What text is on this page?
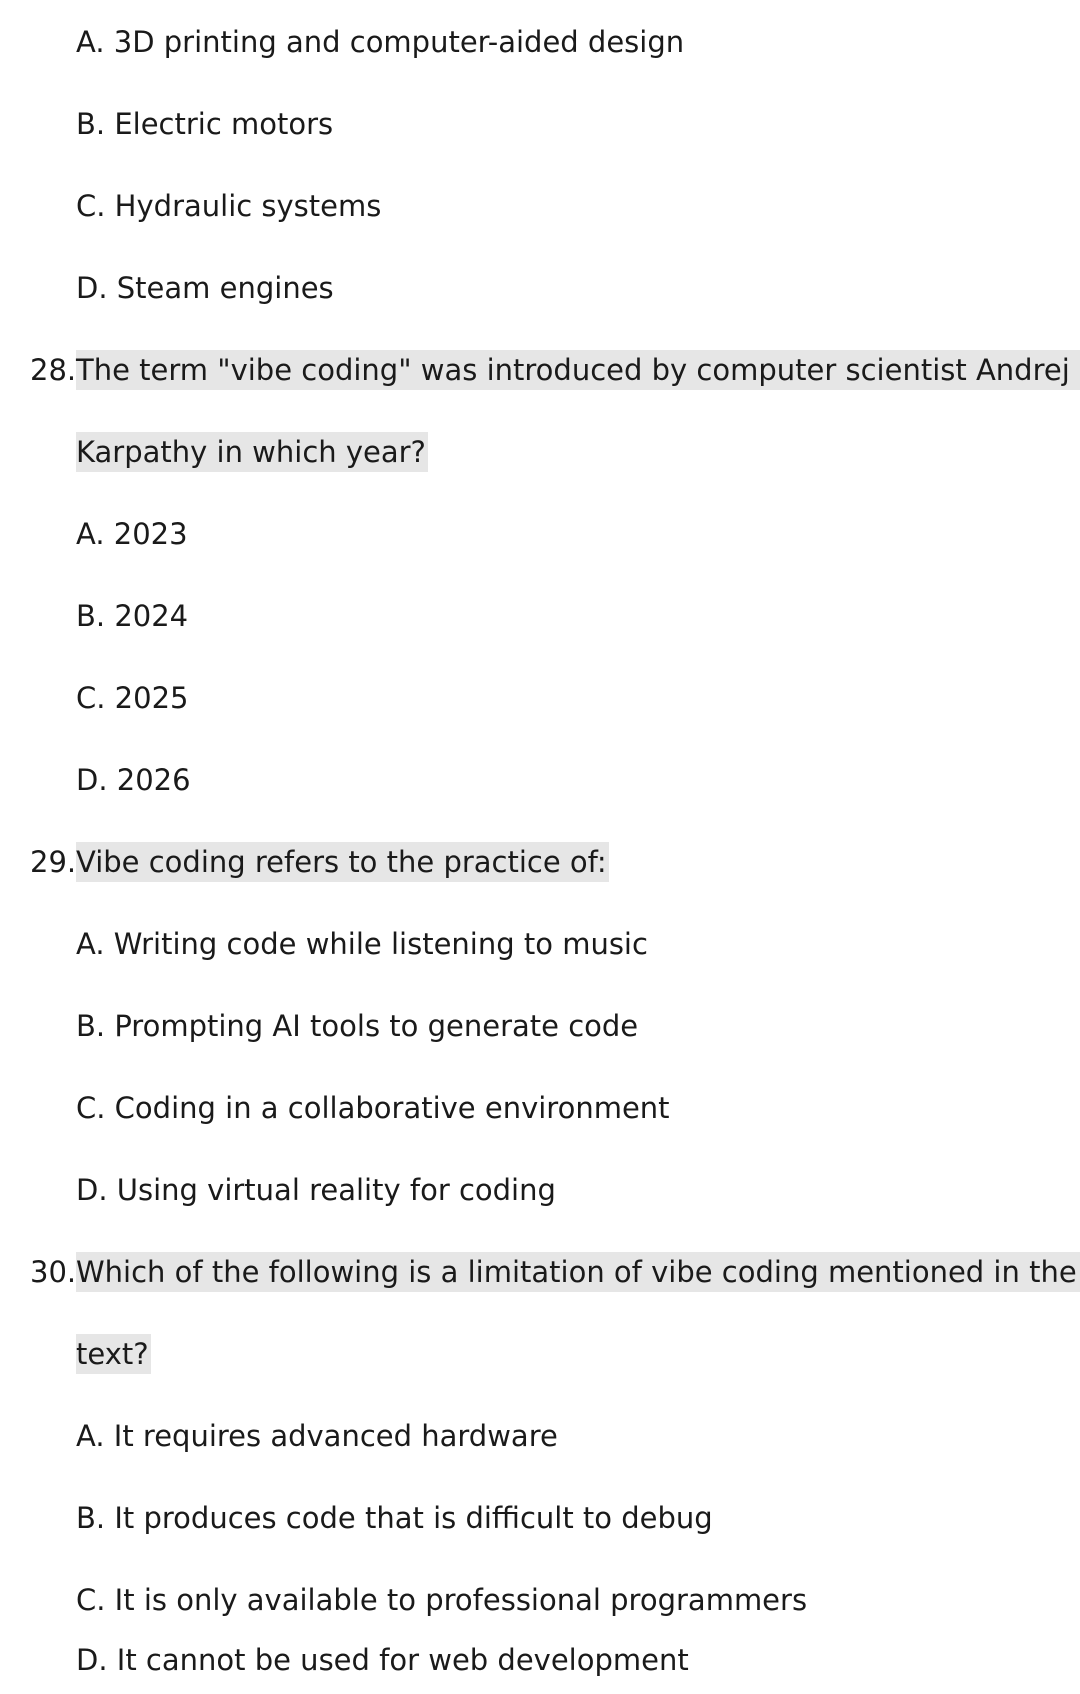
A. 3D printing and computer-aided design
B. Electric motors
C. Hydraulic systems
D. Steam engines
28. The term "vibe coding" was introduced by computer scientist Andrej
Karpathy in which year?
A. 2023
B. 2024
C. 2025
D. 2026
29. Vibe coding refers to the practice of:
A. Writing code while listening to music
B. Prompting AI tools to generate code
C. Coding in a collaborative environment
D. Using virtual reality for coding
30. Which of the following is a limitation of vibe coding mentioned in the
text?
A. It requires advanced hardware
B. It produces code that is difficult to debug
C. It is only available to professional programmers
D. It cannot be used for web development
